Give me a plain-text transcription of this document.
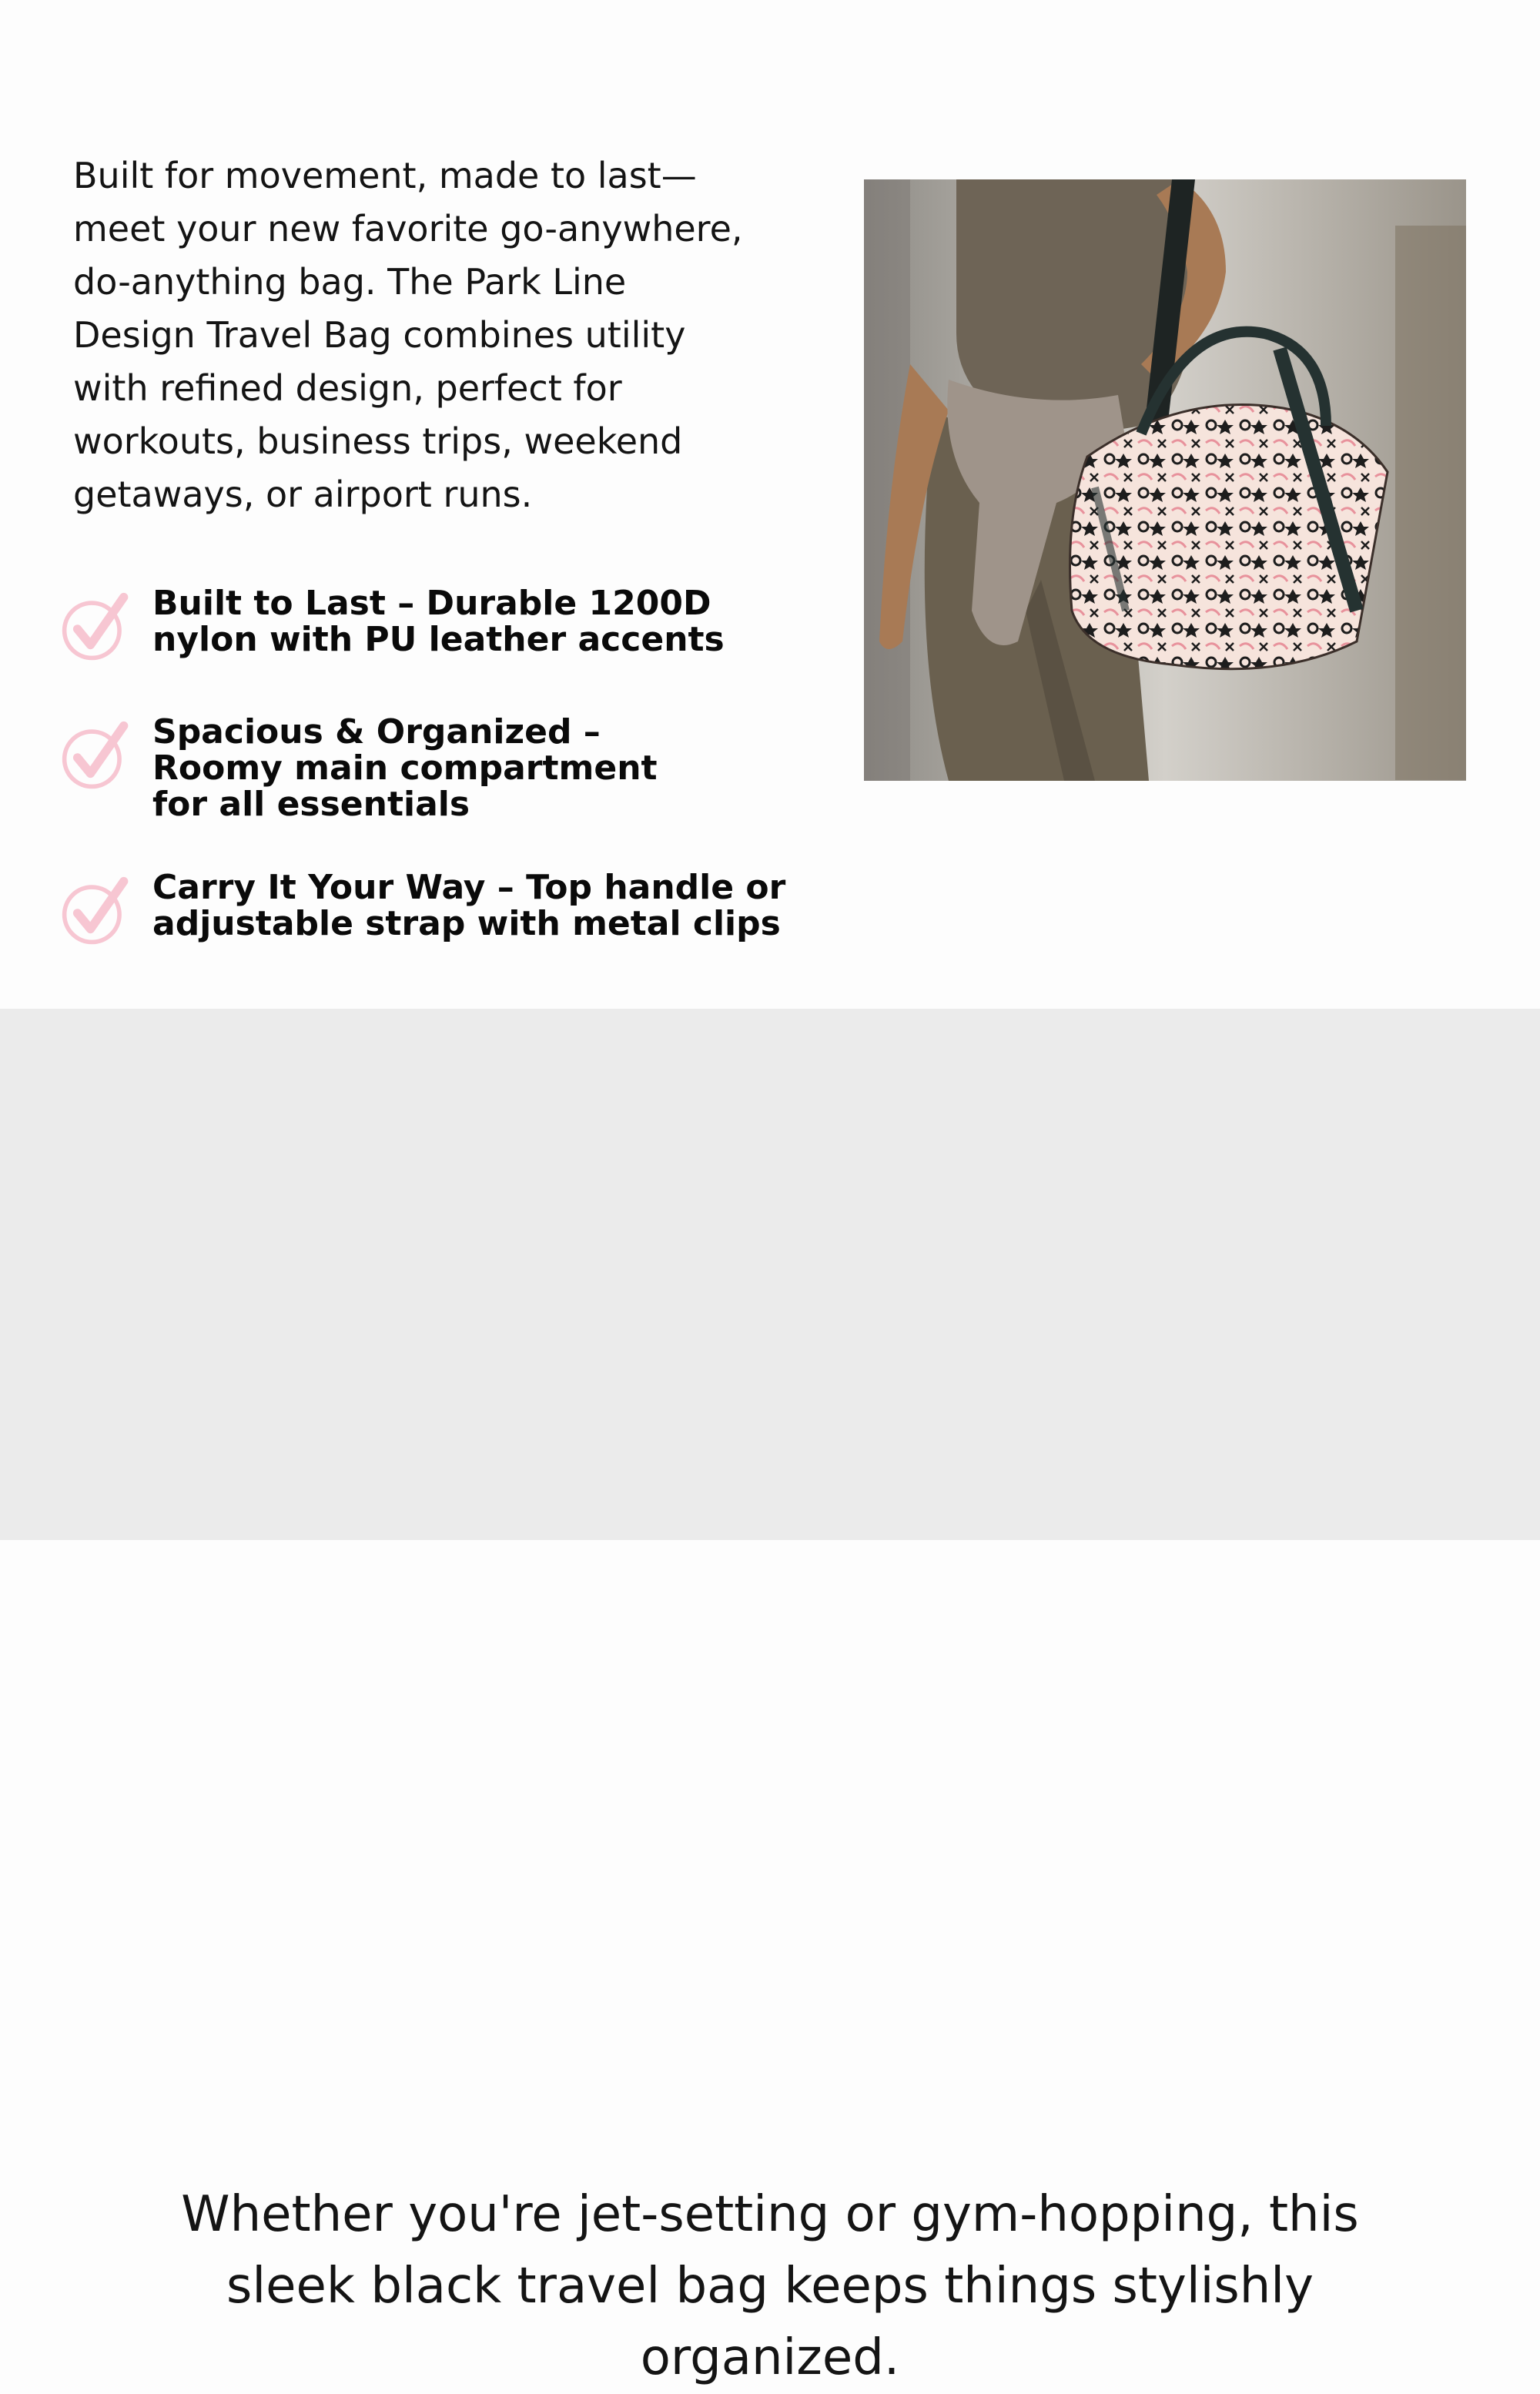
Built for movement, made to last—
meet your new favorite go-anywhere,
do-anything bag. The Park Line
Design Travel Bag combines utility
with refined design, perfect for
workouts, business trips, weekend
getaways, or airport runs.

Built to Last – Durable 1200D
nylon with PU leather accents

Spacious & Organized –
Roomy main compartment
for all essentials

Carry It Your Way – Top handle or
adjustable strap with metal clips

Whether you're jet-setting or gym-hopping, this
sleek black travel bag keeps things stylishly
organized.
